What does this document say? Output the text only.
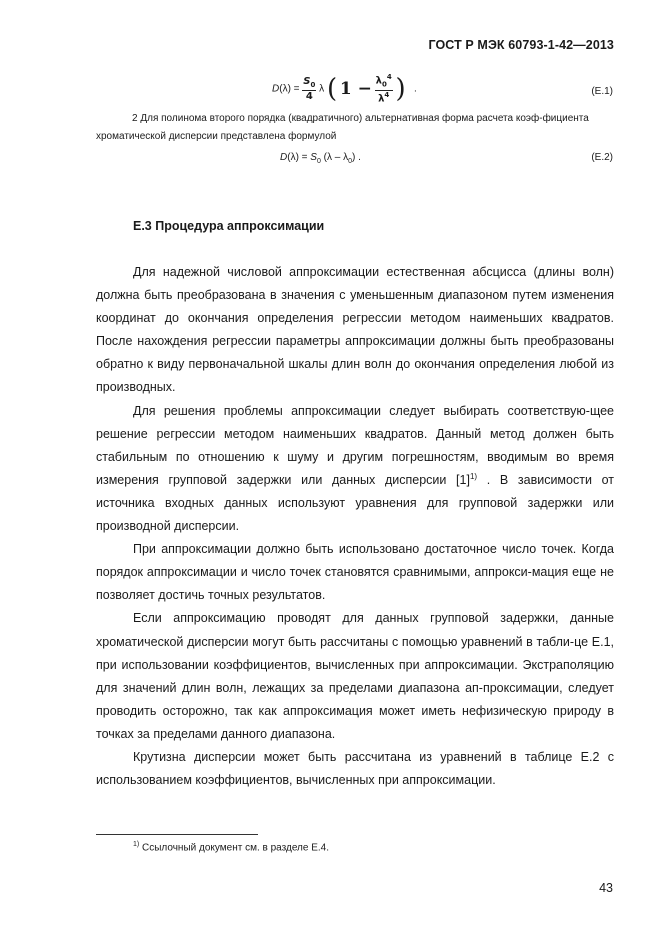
ГОСТ Р МЭК 60793-1-42—2013
$D(\lambda) = \frac{S_0}{4}$ λ ( $1 - \frac{\lambda_0^4}{\lambda^4}$ ) .	(E.1)
2 Для полинома второго порядка (квадратичного) альтернативная форма расчета коэф-фициента хроматической дисперсии представлена формулой
$D(\lambda) = S_0$ $(\lambda - \lambda_0)$ .	(E.2)
Е.3 Процедура аппроксимации

Для надежной числовой аппроксимации естественная абсцисса (длины волн) должна быть преобразована в значения с уменьшенным диапазоном путем изменения координат до окончания определения регрессии методом наименьших квадратов. После нахождения регрессии параметры аппроксимации должны быть преобразованы обратно к виду первоначальной шкалы длин волн до окончания определения любой из производных.

Для решения проблемы аппроксимации следует выбирать соответствую-щее решение регрессии методом наименьших квадратов. Данный метод должен быть стабильным по отношению к шуму и другим погрешностям, вводимым во время измерения групповой задержки или данных дисперсии $[1]^{1)}$ . В зависимости от источника входных данных используют уравнения для групповой задержки или производной дисперсии.

При аппроксимации должно быть использовано достаточное число точек. Когда порядок аппроксимации и число точек становятся сравнимыми, аппрокси-мация еще не позволяет достичь точных результатов.

Если аппроксимацию проводят для данных групповой задержки, данные хроматической дисперсии могут быть рассчитаны с помощью уравнений в табли-це Е.1, при использовании коэффициентов, вычисленных при аппроксимации. Экстраполяцию для значений длин волн, лежащих за пределами диапазона ап-проксимации, следует проводить осторожно, так как аппроксимация может иметь нефизическую природу в точках за пределами данного диапазона.

Крутизна дисперсии может быть рассчитана из уравнений в таблице Е.2 с использованием коэффициентов, вычисленных при аппроксимации.

$^{1)}$ Ссылочный документ см. в разделе Е.4.
43
